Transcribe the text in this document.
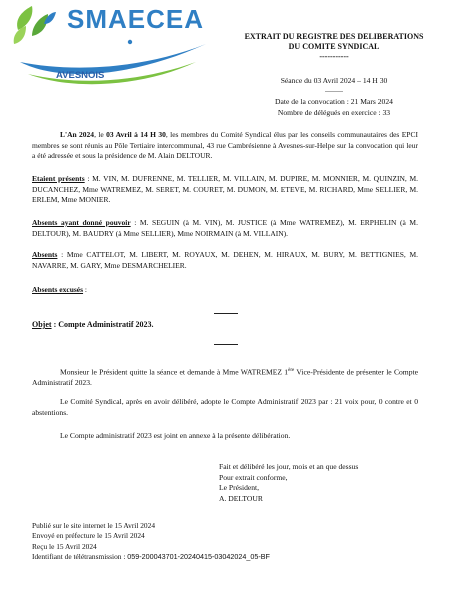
SMAECEA
AVESNOIS
EXTRAIT DU REGISTRE DES DELIBERATIONS
DU COMITE SYNDICAL
-----------
Séance du 03 Avril 2024 – 14 H 30
---------
Date de la convocation : 21 Mars 2024
Nombre de délégués en exercice : 33
L'An 2024, le 03 Avril à 14 H 30, les membres du Comité Syndical élus par les conseils communautaires des EPCI membres se sont réunis au Pôle Tertiaire intercommunal, 43 rue Cambrésienne à Avesnes-sur-Helpe sur la convocation qui leur a été adressée et sous la présidence de M. Alain DELTOUR.
Etaient présents : M. VIN, M. DUFRENNE, M. TELLIER, M. VILLAIN, M. DUPIRE, M. MONNIER, M. QUINZIN, M. DUCANCHEZ, Mme WATREMEZ, M. SERET, M. COURET, M. DUMON, M. ETEVE, M. RICHARD, Mme SELLIER, M. ERLEM, Mme MONIER.
Absents ayant donné pouvoir : M. SEGUIN (à M. VIN), M. JUSTICE (à Mme WATREMEZ), M. ERPHELIN (à M. DELTOUR), M. BAUDRY (à Mme SELLIER), Mme NOIRMAIN (à M. VILLAIN).
Absents : Mme CATTELOT, M. LIBERT, M. ROYAUX, M. DEHEN, M. HIRAUX, M. BURY, M. BETTIGNIES, M. NAVARRE, M. GARY, Mme DESMARCHELIER.
Absents excusés :
Objet : Compte Administratif 2023.
Monsieur le Président quitte la séance et demande à Mme WATREMEZ 1ère Vice-Présidente de présenter le Compte Administratif 2023.
Le Comité Syndical, après en avoir délibéré, adopte le Compte Administratif 2023 par : 21 voix pour, 0 contre et 0 abstentions.
Le Compte administratif 2023 est joint en annexe à la présente délibération.
Fait et délibéré les jour, mois et an que dessus
Pour extrait conforme,
Le Président,
A. DELTOUR
Publié sur le site internet le 15 Avril 2024
Envoyé en préfecture le 15 Avril 2024
Reçu le 15 Avril 2024
Identifiant de télétransmission : 059-200043701-20240415-03042024_05-BF
